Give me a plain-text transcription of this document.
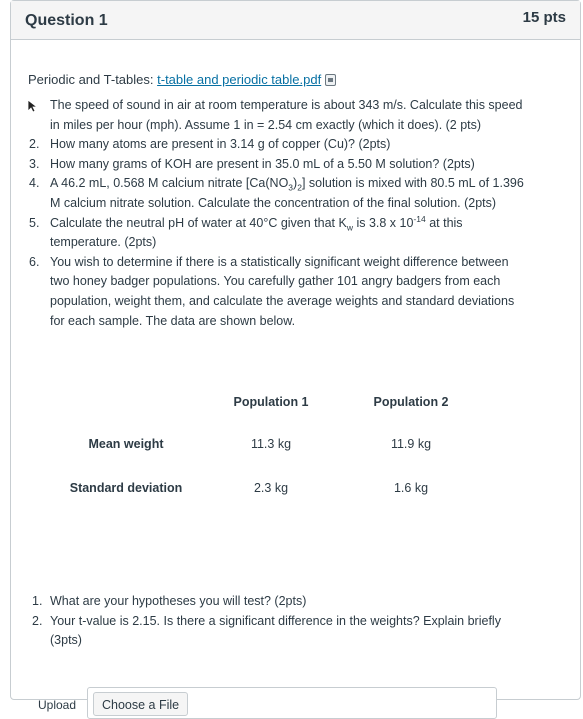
Question 1	15 pts
Periodic and T-tables: t-table and periodic table.pdf
The speed of sound in air at room temperature is about 343 m/s. Calculate this speed in miles per hour (mph). Assume 1 in = 2.54 cm exactly (which it does). (2 pts)
2. How many atoms are present in 3.14 g of copper (Cu)? (2pts)
3. How many grams of KOH are present in 35.0 mL of a 5.50 M solution? (2pts)
4. A 46.2 mL, 0.568 M calcium nitrate $[Ca(NO_3)_2]$ solution is mixed with 80.5 mL of 1.396 M calcium nitrate solution. Calculate the concentration of the final solution. (2pts)
5. Calculate the neutral pH of water at 40°C given that $K_w$ is 3.8 x $10^{-14}$ at this temperature. (2pts)
6. You wish to determine if there is a statistically significant weight difference between two honey badger populations. You carefully gather 101 angry badgers from each population, weight them, and calculate the average weights and standard deviations for each sample. The data are shown below.
	Population 1	Population 2
Mean weight	11.3 kg	11.9 kg
Standard deviation	2.3 kg	1.6 kg
1. What are your hypotheses you will test? (2pts)
2. Your t-value is 2.15. Is there a significant difference in the weights? Explain briefly (3pts)
Upload	Choose a File
